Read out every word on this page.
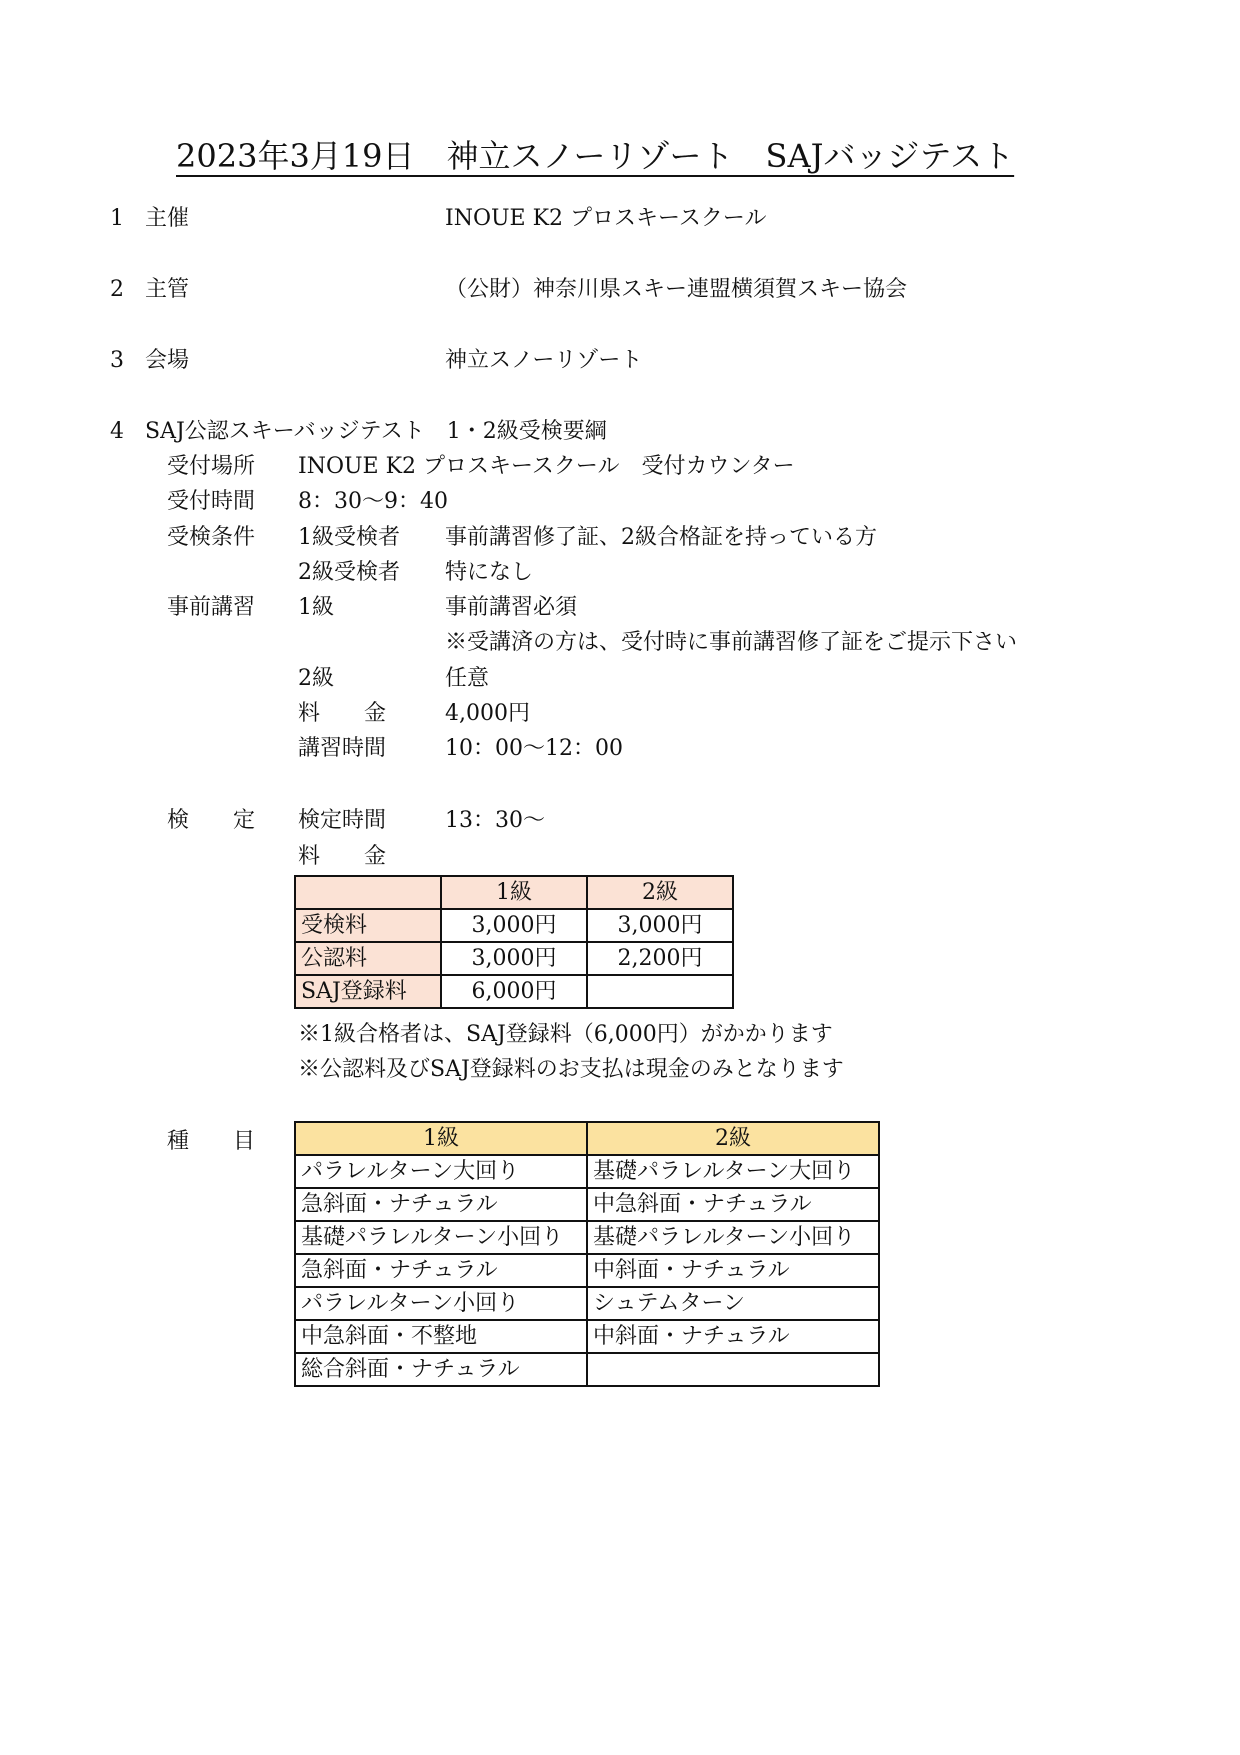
2023年3月19日　神立スノーリゾート　SAJバッジテスト
1 主催	INOUE K2 プロスキースクール
2 主管	（公財）神奈川県スキー連盟横須賀スキー協会
3 会場	神立スノーリゾート
4 SAJ公認スキーバッジテスト　1・2級受検要綱
受付場所 INOUE K2 プロスキースクール　受付カウンター
受付時間 8：30〜9：40
受検条件 1級受検者 事前講習修了証、2級合格証を持っている方
2級受検者 特になし
事前講習 1級	事前講習必須
※受講済の方は、受付時に事前講習修了証をご提示下さい
2級	任意
料　　金	4,000円
講習時間	10：00〜12：00
検　　定 検定時間	13：30〜
料　　金
	1級	2級
受検料	3,000円	3,000円
公認料	3,000円	2,200円
SAJ登録料	6,000円	
※1級合格者は、SAJ登録料（6,000円）がかかります
※公認料及びSAJ登録料のお支払は現金のみとなります
種　　目	1級	2級
パラレルターン大回り	基礎パラレルターン大回り
急斜面・ナチュラル	中急斜面・ナチュラル
基礎パラレルターン小回り	基礎パラレルターン小回り
急斜面・ナチュラル	中斜面・ナチュラル
パラレルターン小回り	シュテムターン
中急斜面・不整地	中斜面・ナチュラル
総合斜面・ナチュラル	
